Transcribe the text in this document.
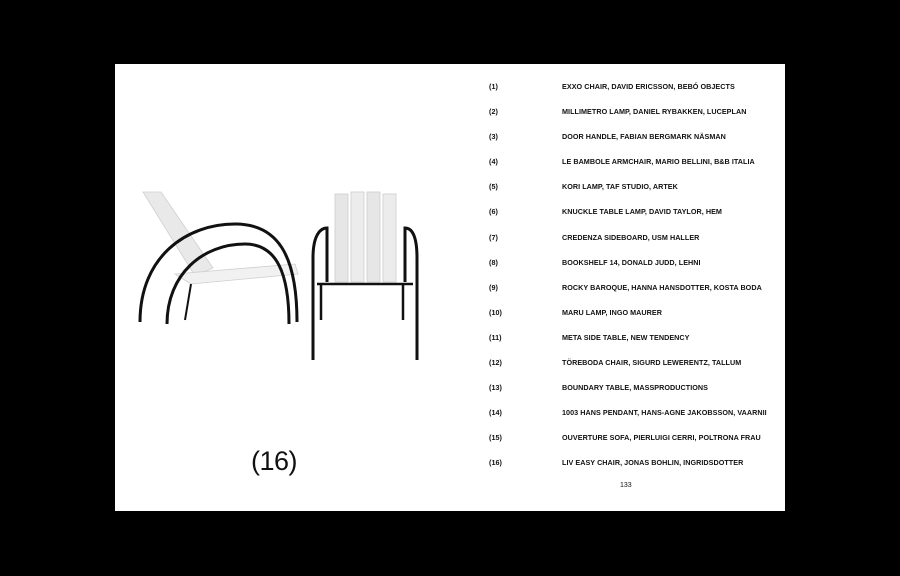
(16)
(1)	EXXO CHAIR, DAVID ERICSSON, BEBÓ OBJECTS
(2)	MILLIMETRO LAMP, DANIEL RYBAKKEN, LUCEPLAN
(3)	DOOR HANDLE, FABIAN BERGMARK NÄSMAN
(4)	LE BAMBOLE ARMCHAIR, MARIO BELLINI, B&B ITALIA
(5)	KORI LAMP, TAF STUDIO, ARTEK
(6)	KNUCKLE TABLE LAMP, DAVID TAYLOR, HEM
(7)	CREDENZA SIDEBOARD, USM HALLER
(8)	BOOKSHELF 14, DONALD JUDD, LEHNI
(9)	ROCKY BAROQUE, HANNA HANSDOTTER, KOSTA BODA
(10)	MARU LAMP, INGO MAURER
(11)	META SIDE TABLE, NEW TENDENCY
(12)	TÖREBODA CHAIR, SIGURD LEWERENTZ, TALLUM
(13)	BOUNDARY TABLE, MASSPRODUCTIONS
(14)	1003 HANS PENDANT, HANS-AGNE JAKOBSSON, VAARNII
(15)	OUVERTURE SOFA, PIERLUIGI CERRI, POLTRONA FRAU
(16)	LIV EASY CHAIR, JONAS BOHLIN, INGRIDSDOTTER
133
